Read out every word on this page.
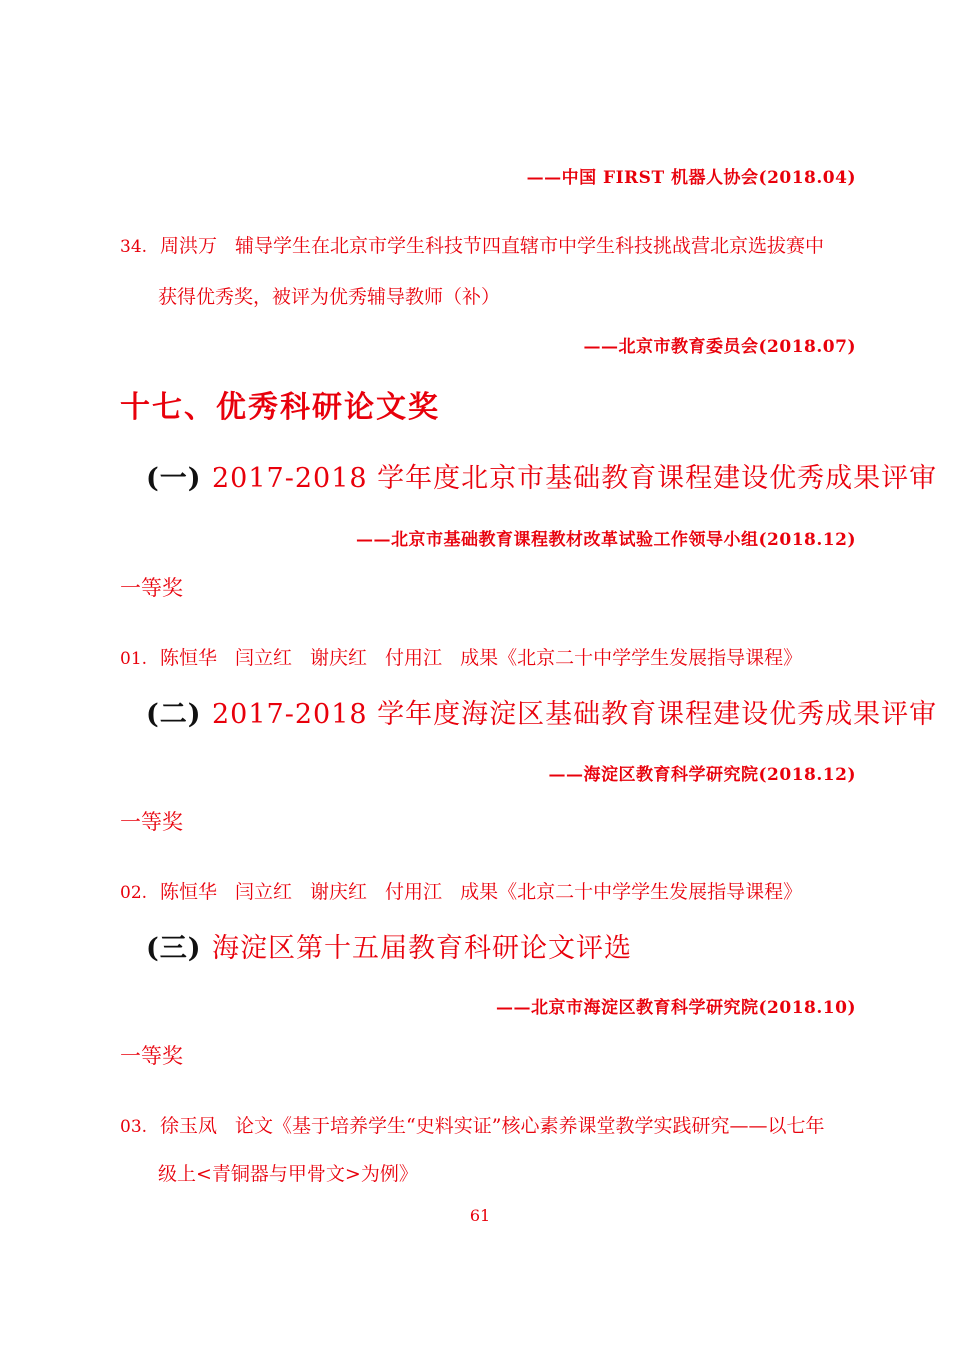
——中国 FIRST 机器人协会(2018.04)
34. 周洪万 辅导学生在北京市学生科技节四直辖市中学生科技挑战营北京选拔赛中
获得优秀奖，被评为优秀辅导教师（补）
——北京市教育委员会(2018.07)
十七、优秀科研论文奖
(一) 2017-2018 学年度北京市基础教育课程建设优秀成果评审
——北京市基础教育课程教材改革试验工作领导小组(2018.12)
一等奖
01. 陈恒华 闫立红 谢庆红 付用江 成果《北京二十中学学生发展指导课程》
(二) 2017-2018 学年度海淀区基础教育课程建设优秀成果评审
——海淀区教育科学研究院(2018.12)
一等奖
02. 陈恒华 闫立红 谢庆红 付用江 成果《北京二十中学学生发展指导课程》
(三) 海淀区第十五届教育科研论文评选
——北京市海淀区教育科学研究院(2018.10)
一等奖
03. 徐玉凤 论文《基于培养学生“史料实证”核心素养课堂教学实践研究——以七年
级上<青铜器与甲骨文>为例》
61
